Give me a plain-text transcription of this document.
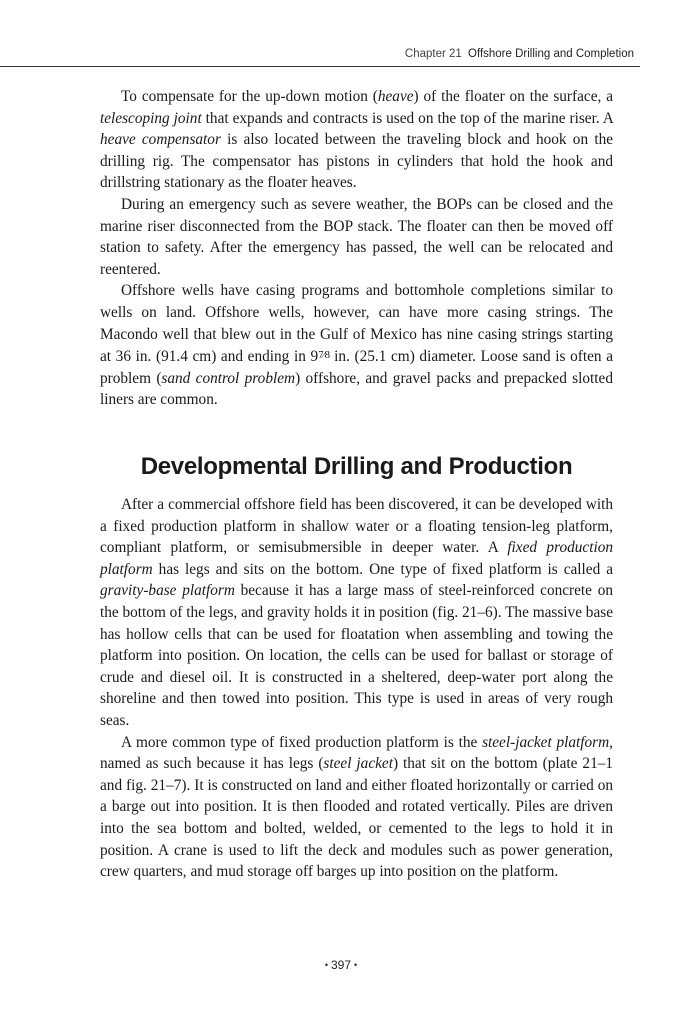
Chapter 21 Offshore Drilling and Completion

To compensate for the up-down motion (heave) of the floater on the surface, a telescoping joint that expands and contracts is used on the top of the marine riser. A heave compensator is also located between the traveling block and hook on the drilling rig. The compensator has pistons in cylinders that hold the hook and drillstring stationary as the floater heaves.

During an emergency such as severe weather, the BOPs can be closed and the marine riser disconnected from the BOP stack. The floater can then be moved off station to safety. After the emergency has passed, the well can be relocated and reentered.

Offshore wells have casing programs and bottomhole completions similar to wells on land. Offshore wells, however, can have more casing strings. The Macondo well that blew out in the Gulf of Mexico has nine casing strings starting at 36 in. (91.4 cm) and ending in 97⁄8 in. (25.1 cm) diameter. Loose sand is often a problem (sand control problem) offshore, and gravel packs and prepacked slotted liners are common.

Developmental Drilling and Production

After a commercial offshore field has been discovered, it can be developed with a fixed production platform in shallow water or a floating tension-leg platform, compliant platform, or semisubmersible in deeper water. A fixed production platform has legs and sits on the bottom. One type of fixed platform is called a gravity-base platform because it has a large mass of steel-reinforced concrete on the bottom of the legs, and gravity holds it in position (fig. 21–6). The massive base has hollow cells that can be used for floatation when assembling and towing the platform into position. On location, the cells can be used for ballast or storage of crude and diesel oil. It is constructed in a sheltered, deep-water port along the shoreline and then towed into position. This type is used in areas of very rough seas.

A more common type of fixed production platform is the steel-jacket platform, named as such because it has legs (steel jacket) that sit on the bottom (plate 21–1 and fig. 21–7). It is constructed on land and either floated horizontally or carried on a barge out into position. It is then flooded and rotated vertically. Piles are driven into the sea bottom and bolted, welded, or cemented to the legs to hold it in position. A crane is used to lift the deck and modules such as power generation, crew quarters, and mud storage off barges up into position on the platform.

• 397 •
